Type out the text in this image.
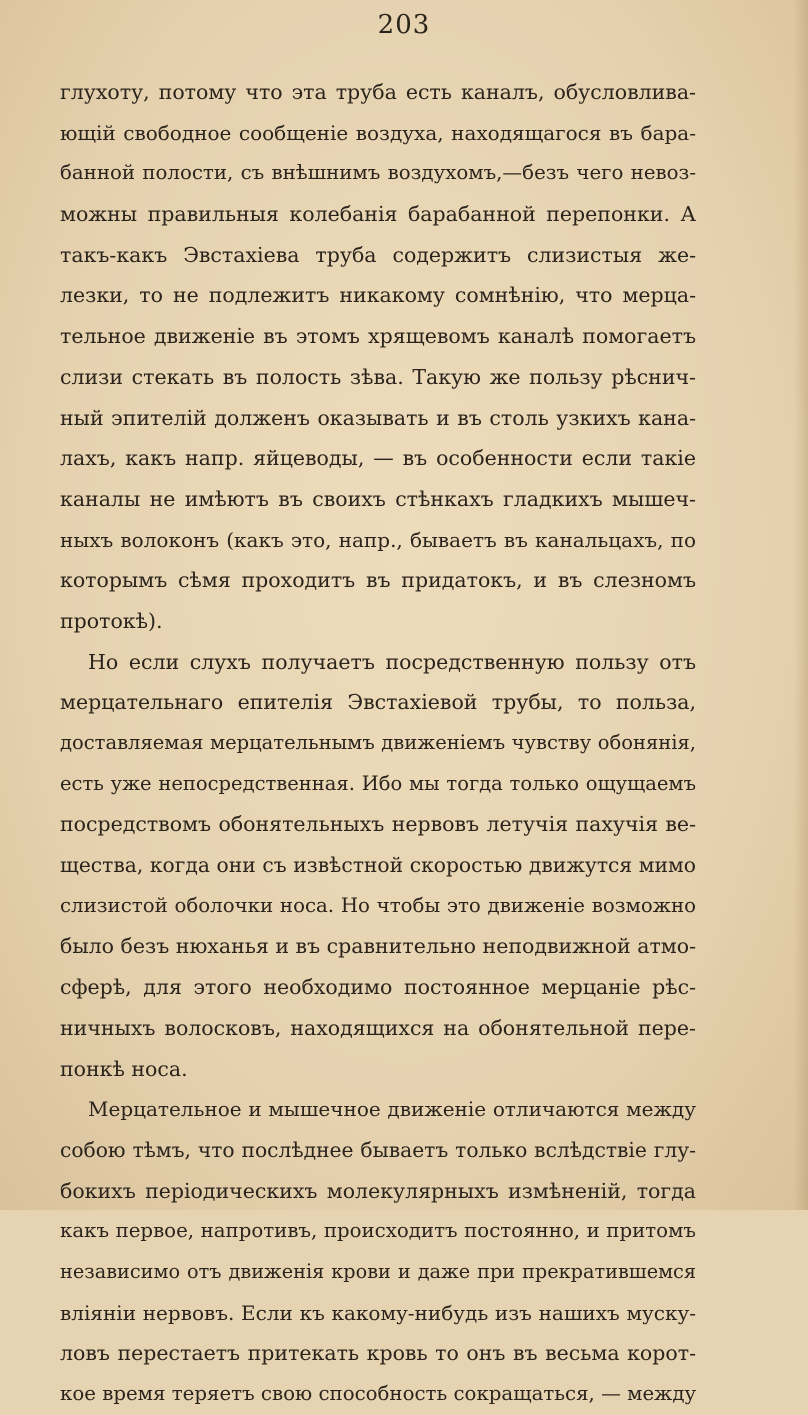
203
глухоту, потому что эта труба есть каналъ, обусловлива-
ющій свободное сообщеніе воздуха, находящагося въ бара-
банной полости, съ внѣшнимъ воздухомъ,—безъ чего невоз-
можны правильныя колебанія барабанной перепонки. А
такъ-какъ Эвстахіева труба содержитъ слизистыя же-
лезки, то не подлежитъ никакому сомнѣнію, что мерца-
тельное движеніе въ этомъ хрящевомъ каналѣ помогаетъ
слизи стекать въ полость зѣва. Такую же пользу рѣснич-
ный эпителій долженъ оказывать и въ столь узкихъ кана-
лахъ, какъ напр. яйцеводы, — въ особенности если такіе
каналы не имѣютъ въ своихъ стѣнкахъ гладкихъ мышеч-
ныхъ волоконъ (какъ это, напр., бываетъ въ канальцахъ, по
которымъ сѣмя проходитъ въ придатокъ, и въ слезномъ
протокѣ).
Но если слухъ получаетъ посредственную пользу отъ
мерцательнаго епителія Эвстахіевой трубы, то польза,
доставляемая мерцательнымъ движеніемъ чувству обонянія,
есть уже непосредственная. Ибо мы тогда только ощущаемъ
посредствомъ обонятельныхъ нервовъ летучія пахучія ве-
щества, когда они съ извѣстной скоростью движутся мимо
слизистой оболочки носа. Но чтобы это движеніе возможно
было безъ нюханья и въ сравнительно неподвижной атмо-
сферѣ, для этого необходимо постоянное мерцаніе рѣс-
ничныхъ волосковъ, находящихся на обонятельной пере-
понкѣ носа.
Мерцательное и мышечное движеніе отличаются между
собою тѣмъ, что послѣднее бываетъ только вслѣдствіе глу-
бокихъ періодическихъ молекулярныхъ измѣненій, тогда
какъ первое, напротивъ, происходитъ постоянно, и притомъ
независимо отъ движенія крови и даже при прекратившемся
вліяніи нервовъ. Если къ какому-нибудь изъ нашихъ муску-
ловъ перестаетъ притекать кровь то онъ въ весьма корот-
кое время теряетъ свою способность сокращаться, — между
